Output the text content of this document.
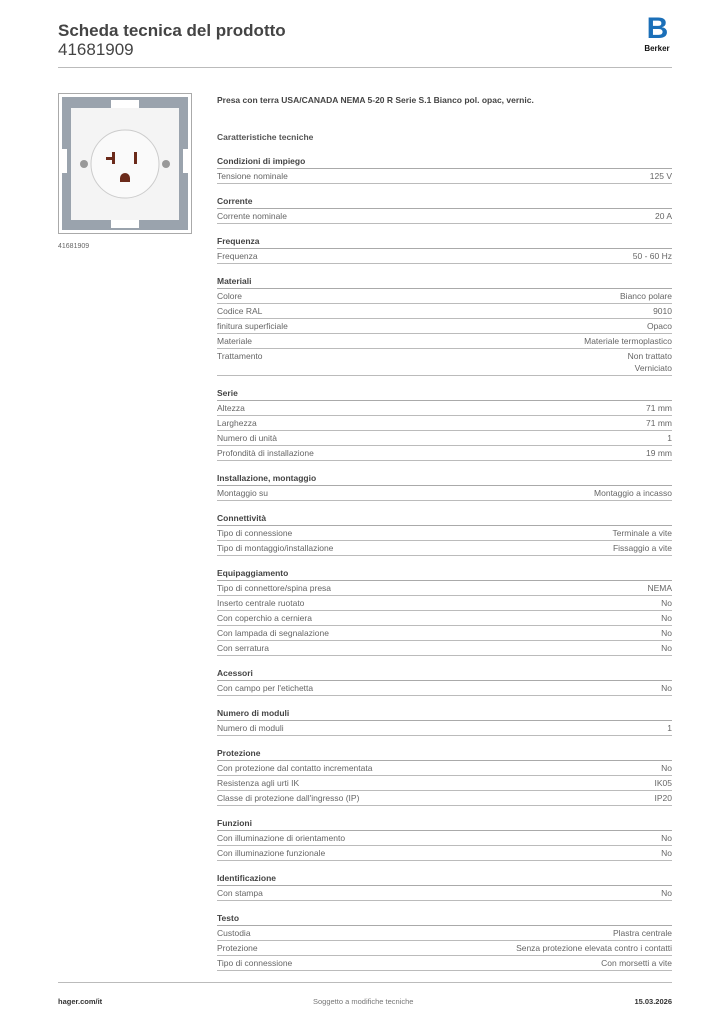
Scheda tecnica del prodotto
41681909
B
Berker
41681909
Presa con terra USA/CANADA NEMA 5-20 R Serie S.1 Bianco pol. opac, vernic.
Caratteristiche tecniche
Condizioni di impiego
Tensione nominale	125 V
Corrente
Corrente nominale	20 A
Frequenza
Frequenza	50 - 60 Hz
Materiali
Colore	Bianco polare
Codice RAL	9010
finitura superficiale	Opaco
Materiale	Materiale termoplastico
Trattamento	Non trattato
Verniciato
Serie
Altezza	71 mm
Larghezza	71 mm
Numero di unità	1
Profondità di installazione	19 mm
Installazione, montaggio
Montaggio su	Montaggio a incasso
Connettività
Tipo di connessione	Terminale a vite
Tipo di montaggio/installazione	Fissaggio a vite
Equipaggiamento
Tipo di connettore/spina presa	NEMA
Inserto centrale ruotato	No
Con coperchio a cerniera	No
Con lampada di segnalazione	No
Con serratura	No
Acessori
Con campo per l'etichetta	No
Numero di moduli
Numero di moduli	1
Protezione
Con protezione dal contatto incrementata	No
Resistenza agli urti IK	IK05
Classe di protezione dall'ingresso (IP)	IP20
Funzioni
Con illuminazione di orientamento	No
Con illuminazione funzionale	No
Identificazione
Con stampa	No
Testo
Custodia	Plastra centrale
Protezione	Senza protezione elevata contro i contatti
Tipo di connessione	Con morsetti a vite
hager.com/it	Soggetto a modifiche tecniche	15.03.2026
